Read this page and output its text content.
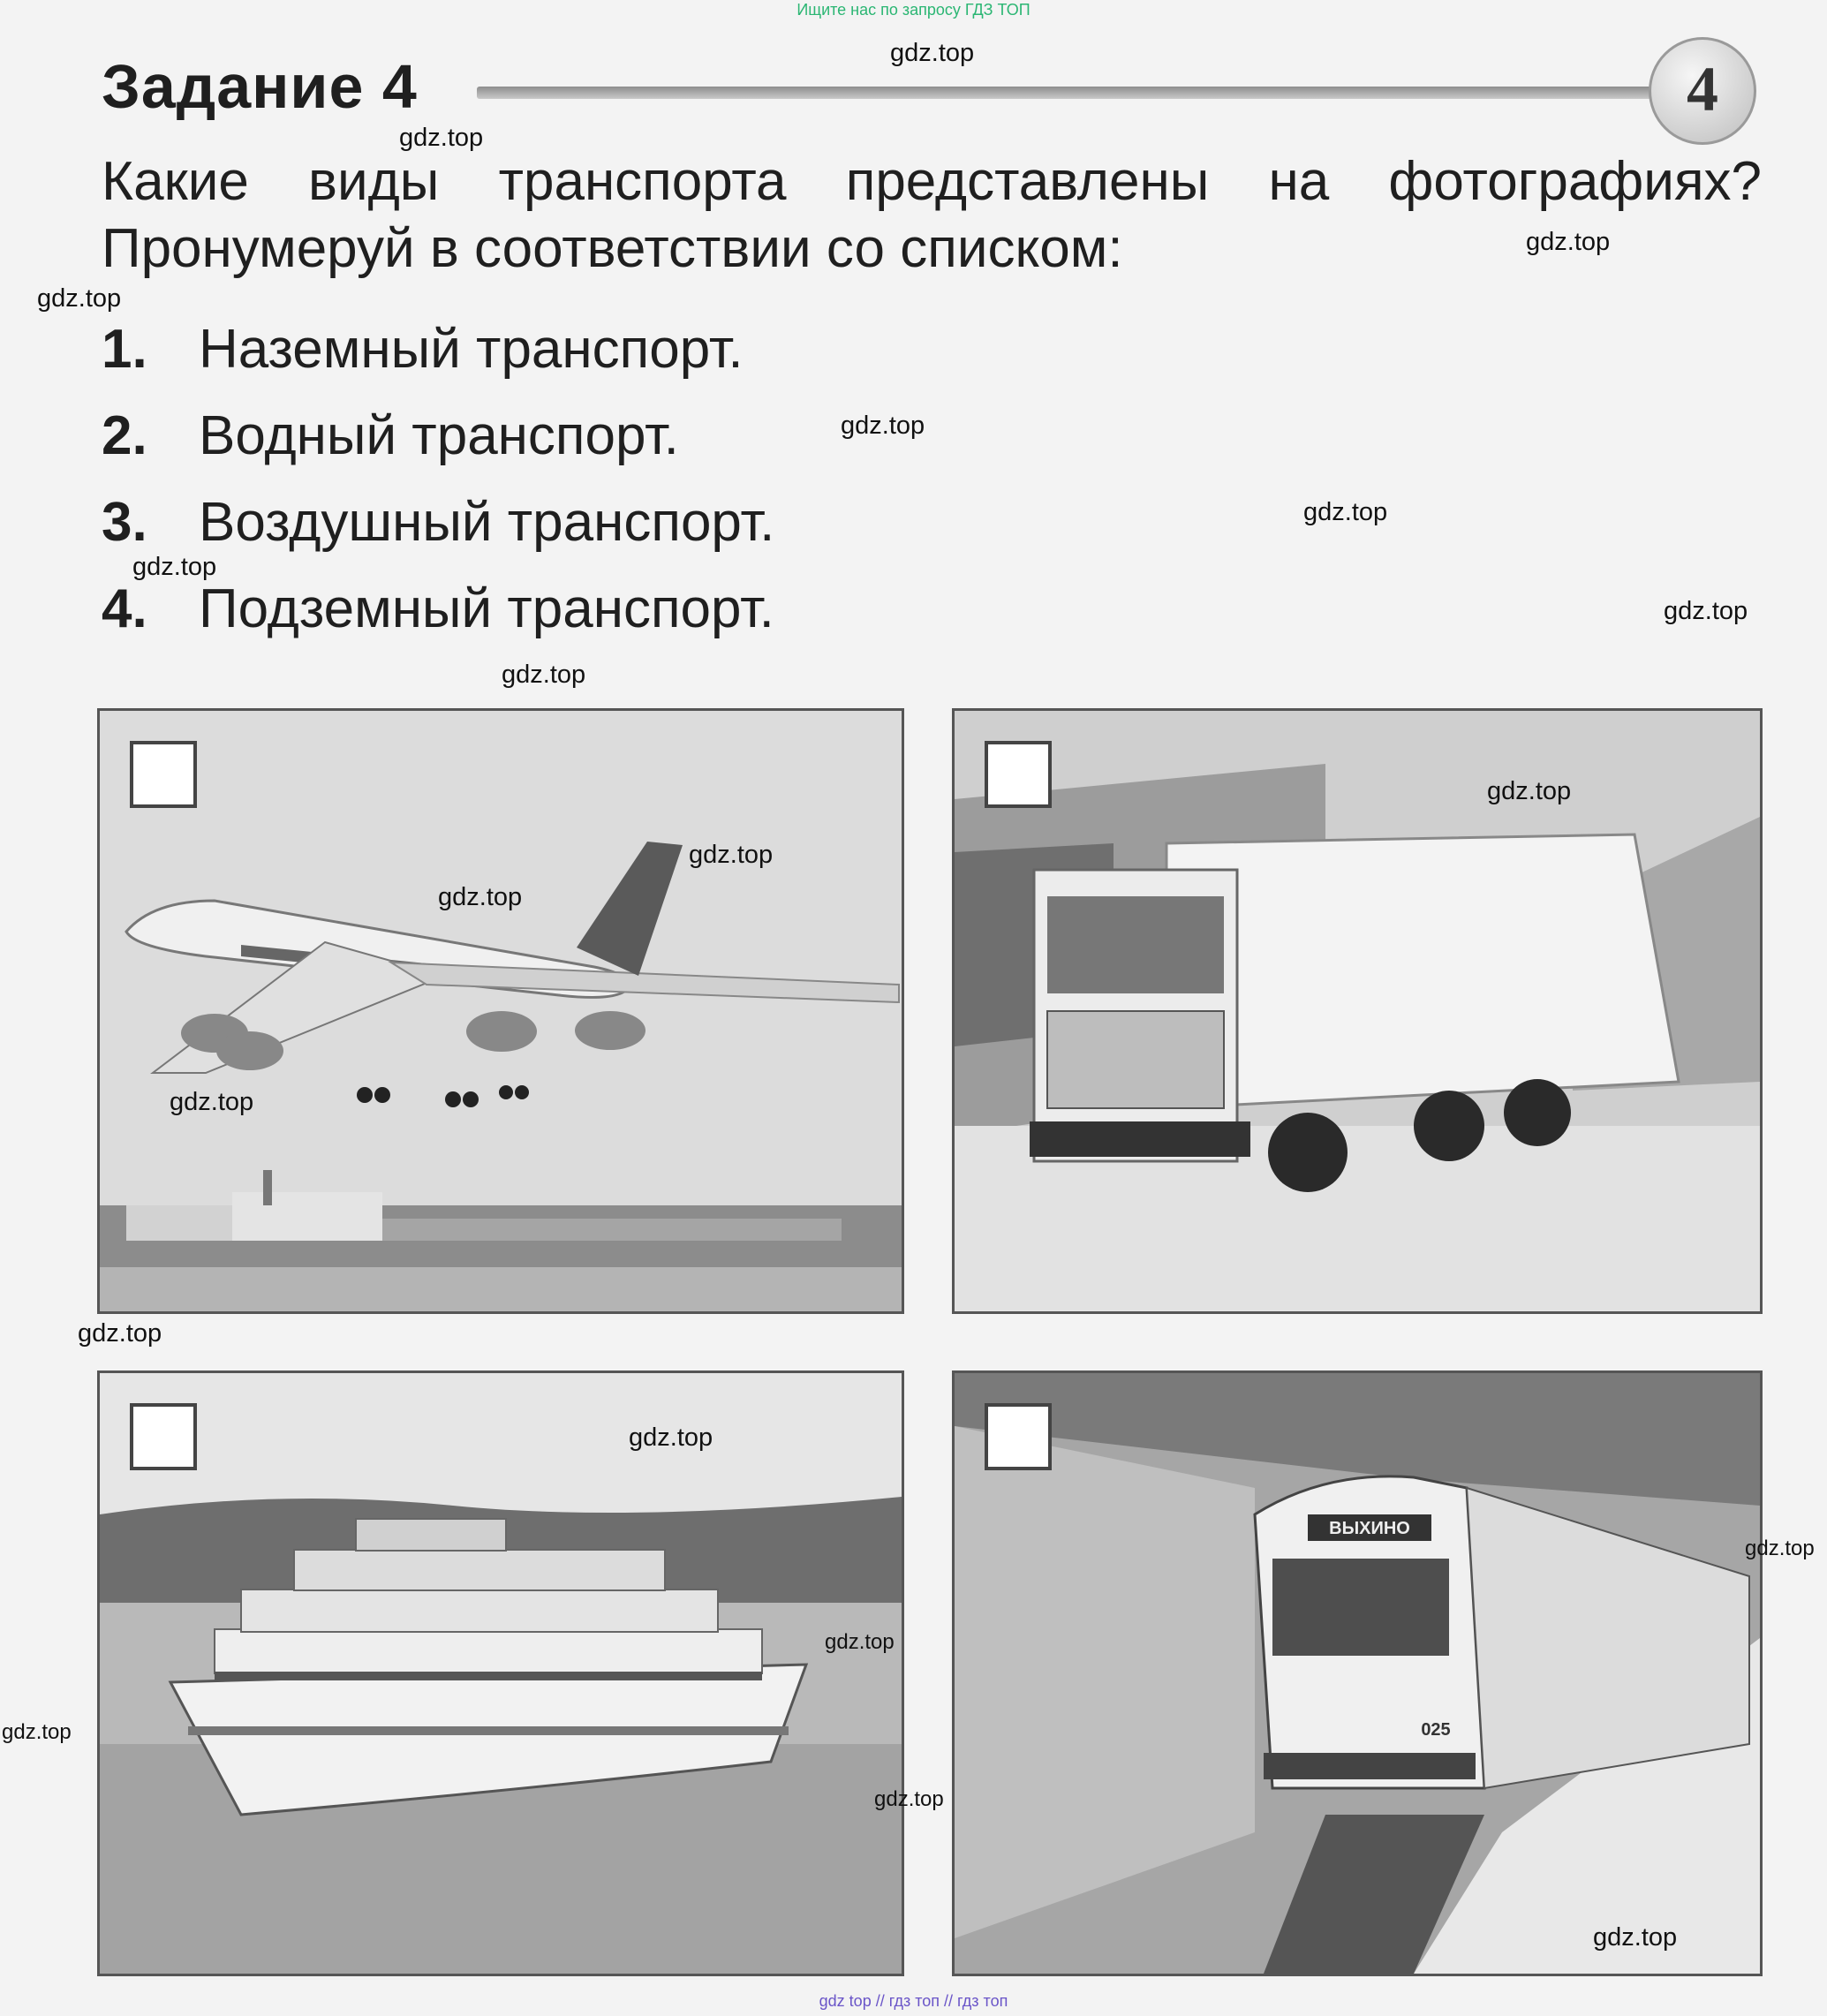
Ищите нас по запросу ГДЗ ТОП
Задание 4	4
Какие виды транспорта представлены на фотографиях? Пронумеруй в соответствии со списком:
1. Наземный транспорт.
2. Водный транспорт.
3. Воздушный транспорт.
4. Подземный транспорт.
ВЫХИНО
025
gdz.top
gdz.top
gdz.top
gdz.top
gdz.top
gdz.top
gdz.top
gdz.top
gdz.top
gdz.top
gdz.top
gdz.top
gdz.top
gdz.top
gdz.top
gdz.top
gdz.top
gdz.top
gdz.top
gdz.top
gdz top // гдз топ // гдз топ
